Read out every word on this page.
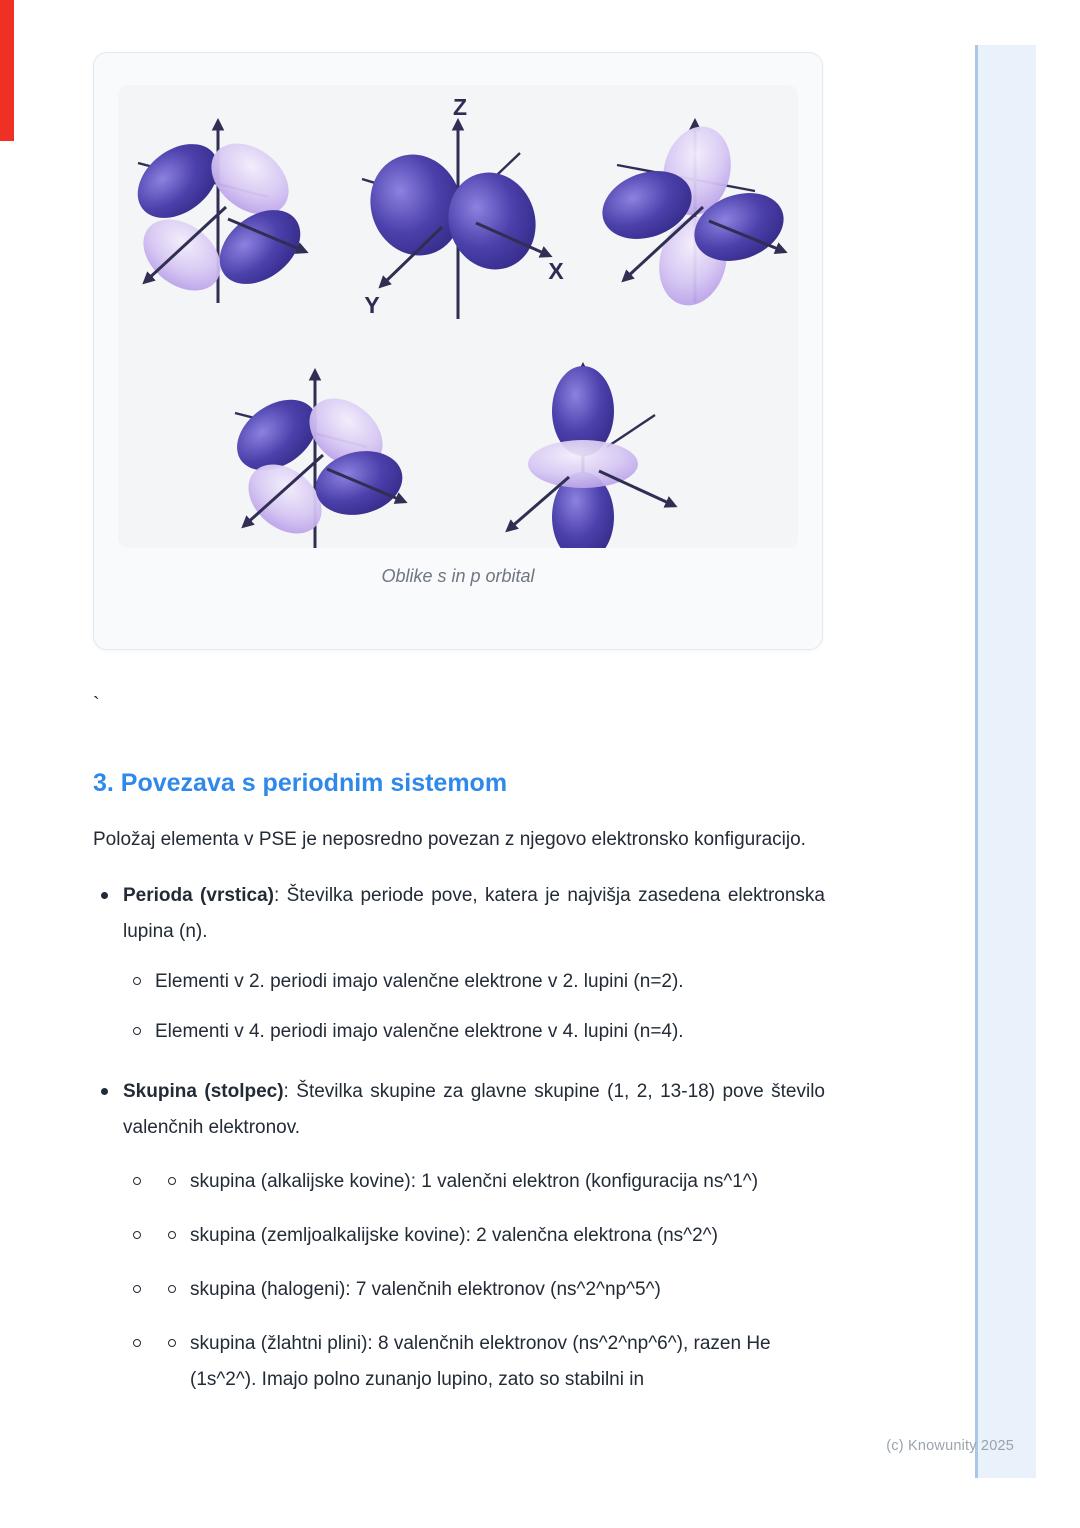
(c) Knowunity 2025
Z
X
Y
Oblike s in p orbital
`
3. Povezava s periodnim sistemom

Položaj elementa v PSE je neposredno povezan z njegovo elektronsko konfiguracijo.

Perioda (vrstica): Številka periode pove, katera je najvišja zasedena elektronska lupina (n).

Elementi v 2. periodi imajo valenčne elektrone v 2. lupini (n=2).
Elementi v 4. periodi imajo valenčne elektrone v 4. lupini (n=4).

Skupina (stolpec): Številka skupine za glavne skupine (1, 2, 13-18) pove število valenčnih elektronov.

skupina (alkalijske kovine): 1 valenčni elektron (konfiguracija ns^1^)
skupina (zemljoalkalijske kovine): 2 valenčna elektrona (ns^2^)
skupina (halogeni): 7 valenčnih elektronov (ns^2^np^5^)
skupina (žlahtni plini): 8 valenčnih elektronov (ns^2^np^6^), razen He (1s^2^). Imajo polno zunanjo lupino, zato so stabilni in
